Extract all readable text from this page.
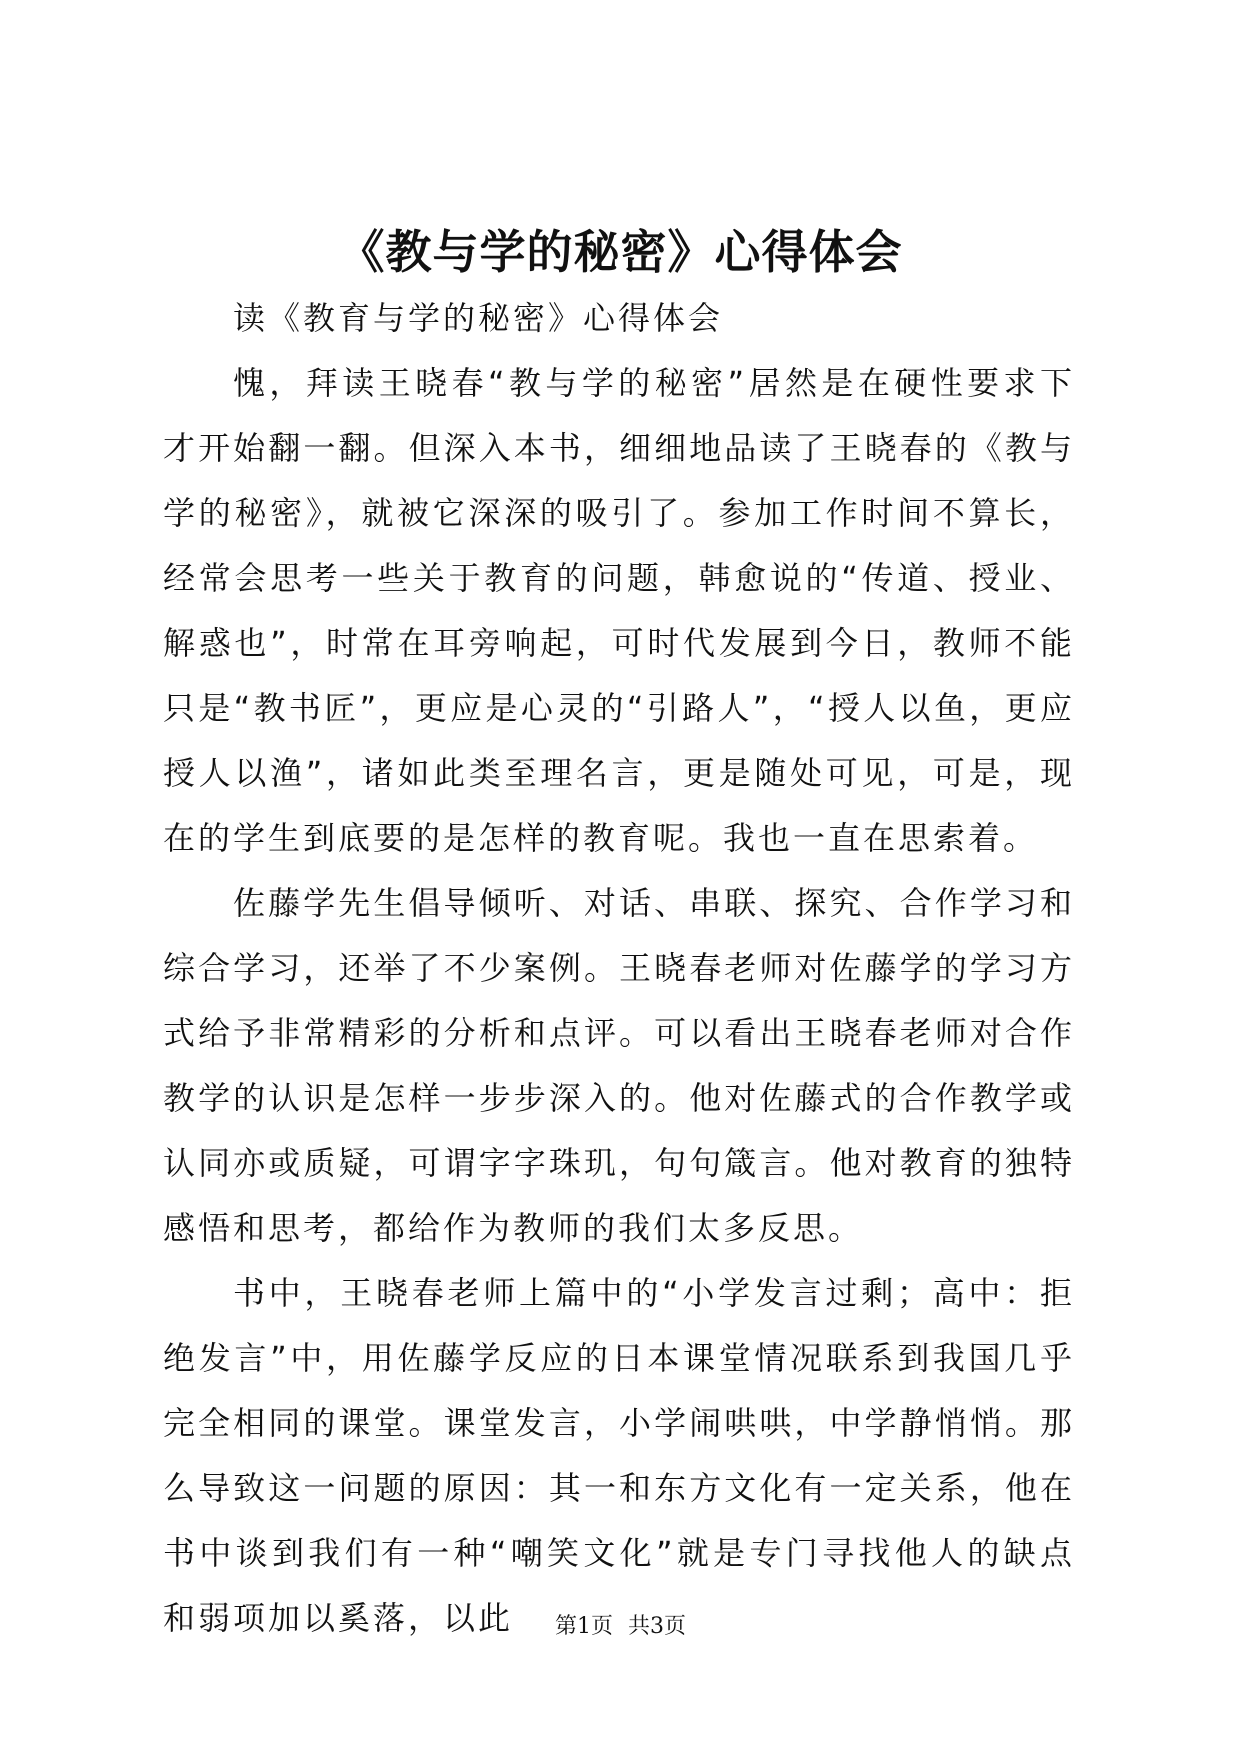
《教与学的秘密》心得体会

读《教育与学的秘密》心得体会

愧，拜读王晓春“教与学的秘密”居然是在硬性要求下才开始翻一翻。但深入本书，细细地品读了王晓春的《教与学的秘密》，就被它深深的吸引了。参加工作时间不算长，经常会思考一些关于教育的问题，韩愈说的“传道、授业、解惑也”，时常在耳旁响起，可时代发展到今日，教师不能只是“教书匠”，更应是心灵的“引路人”，“授人以鱼，更应授人以渔”，诸如此类至理名言，更是随处可见，可是，现在的学生到底要的是怎样的教育呢。我也一直在思索着。

佐藤学先生倡导倾听、对话、串联、探究、合作学习和综合学习，还举了不少案例。王晓春老师对佐藤学的学习方式给予非常精彩的分析和点评。可以看出王晓春老师对合作教学的认识是怎样一步步深入的。他对佐藤式的合作教学或认同亦或质疑，可谓字字珠玑，句句箴言。他对教育的独特感悟和思考，都给作为教师的我们太多反思。

书中，王晓春老师上篇中的“小学发言过剩；高中：拒绝发言”中，用佐藤学反应的日本课堂情况联系到我国几乎完全相同的课堂。课堂发言，小学闹哄哄，中学静悄悄。那么导致这一问题的原因：其一和东方文化有一定关系，他在书中谈到我们有一种“嘲笑文化”就是专门寻找他人的缺点和弱项加以奚落，以此	第1页 共3页
